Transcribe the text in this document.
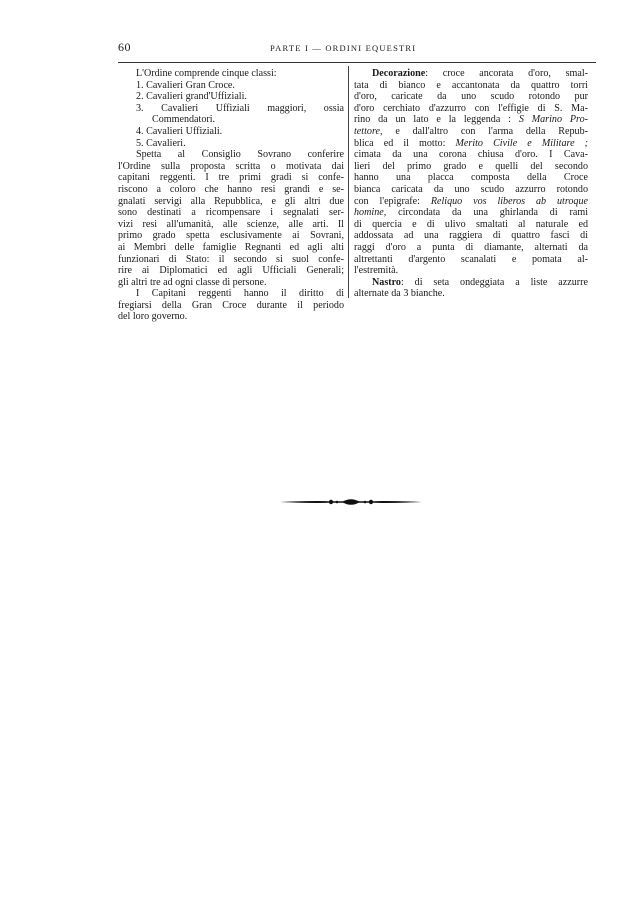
60	PARTE I — ORDINI EQUESTRI
L'Ordine comprende cinque classi:
1. Cavalieri Gran Croce.
2. Cavalieri grand'Uffiziali.
3. Cavalieri Uffiziali maggiori, ossia
Commendatori.
4. Cavalieri Uffiziali.
5. Cavalieri.
Spetta al Consiglio Sovrano conferire
l'Ordine sulla proposta scritta o motivata dai
capitani reggenti. I tre primi gradi si confe-
riscono a coloro che hanno resi grandi e se-
gnalati servigi alla Repubblica, e gli altri due
sono destinati a ricompensare i segnalati ser-
vizi resi all'umanità, alle scienze, alle arti. Il
primo grado spetta esclusivamente ai Sovrani,
ai Membri delle famiglie Regnanti ed agli alti
funzionari di Stato: il secondo si suol confe-
rire ai Diplomatici ed agli Ufficiali Generali;
gli altri tre ad ogni classe di persone.
I Capitani reggenti hanno il diritto di
fregiarsi della Gran Croce durante il periodo
del loro governo.
Decorazione: croce ancorata d'oro, smal-
tata di bianco e accantonata da quattro torri
d'oro, caricate da uno scudo rotondo pur
d'oro cerchiato d'azzurro con l'effigie di S. Ma-
rino da un lato e la leggenda : S Marino Pro-
tettore, e dall'altro con l'arma della Repub-
blica ed il motto: Merito Civile e Militare ;
cimata da una corona chiusa d'oro. I Cava-
lieri del primo grado e quelli del secondo
hanno una placca composta della Croce
bianca caricata da uno scudo azzurro rotondo
con l'epigrafe: Reliquo vos liberos ab utroque
homine, circondata da una ghirlanda di rami
di quercia e di ulivo smaltati al naturale ed
addossata ad una raggiera di quattro fasci di
raggi d'oro a punta di diamante, alternati da
altrettanti d'argento scanalati e pomata al-
l'estremità.
Nastro: di seta ondeggiata a liste azzurre
alternate da 3 bianche.
